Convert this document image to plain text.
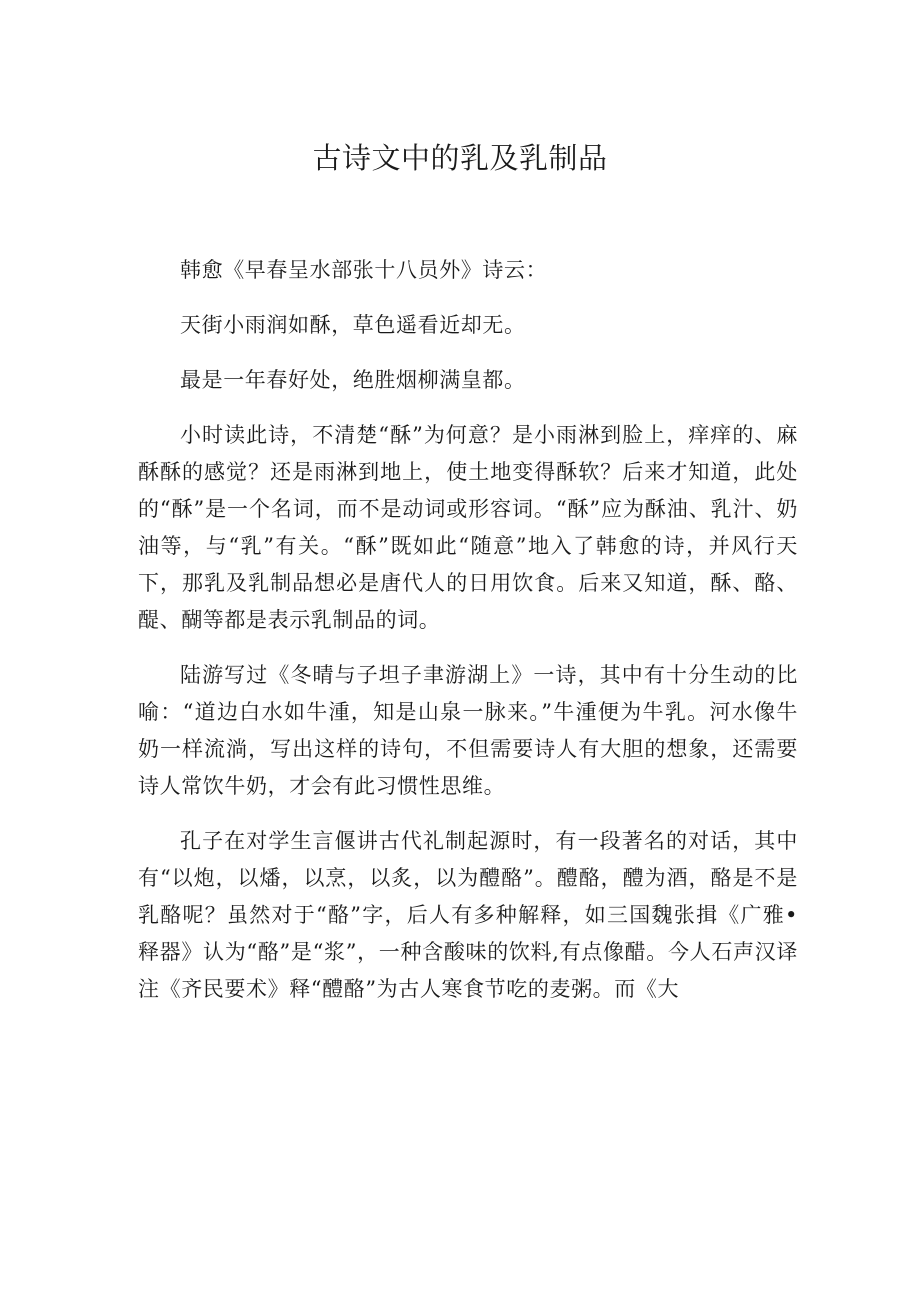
古诗文中的乳及乳制品

韩愈《早春呈水部张十八员外》诗云：

天街小雨润如酥，草色遥看近却无。

最是一年春好处，绝胜烟柳满皇都。

小时读此诗，不清楚“酥”为何意？是小雨淋到脸上，痒痒的、麻酥酥的感觉？还是雨淋到地上，使土地变得酥软？后来才知道，此处的“酥”是一个名词，而不是动词或形容词。“酥”应为酥油、乳汁、奶油等，与“乳”有关。“酥”既如此“随意”地入了韩愈的诗，并风行天下，那乳及乳制品想必是唐代人的日用饮食。后来又知道，酥、酪、醍、醐等都是表示乳制品的词。

陆游写过《冬晴与子坦子聿游湖上》一诗，其中有十分生动的比喻：“道边白水如牛湩，知是山泉一脉来。”牛湩便为牛乳。河水像牛奶一样流淌，写出这样的诗句，不但需要诗人有大胆的想象，还需要诗人常饮牛奶，才会有此习惯性思维。

孔子在对学生言偃讲古代礼制起源时，有一段著名的对话，其中有“以炮，以燔，以烹，以炙，以为醴酪”。醴酪，醴为酒，酪是不是乳酪呢？虽然对于“酪”字，后人有多种解释，如三国魏张揖《广雅•释器》认为“酪”是“浆”，一种含酸味的饮料,有点像醋。今人石声汉译注《齐民要术》释“醴酪”为古人寒食节吃的麦粥。而《大
